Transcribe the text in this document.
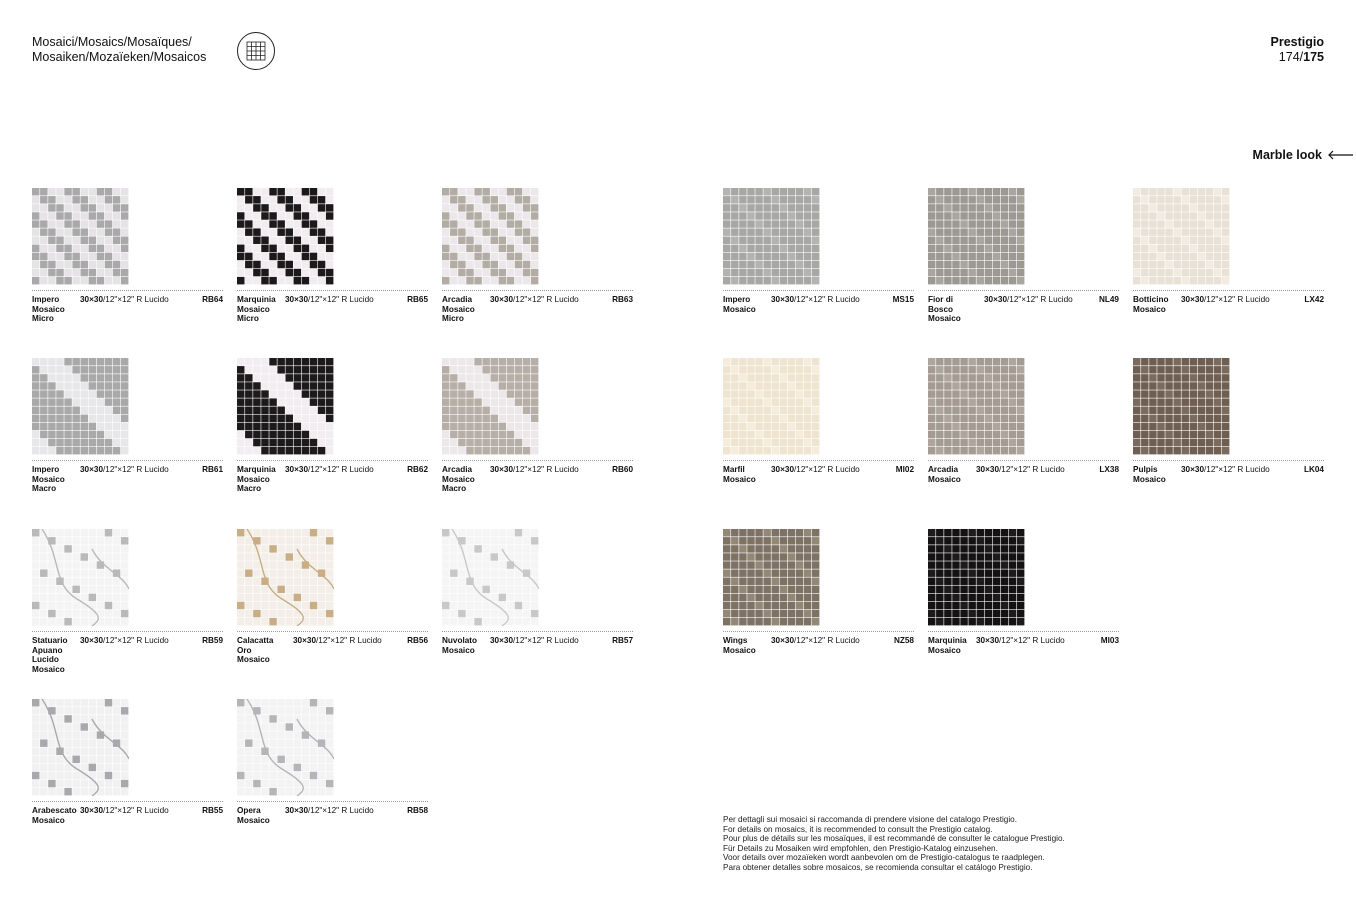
Mosaici/Mosaics/Mosaïques/
Mosaiken/Mozaïeken/Mosaicos
Prestigio
174/175
Marble look
Impero
Mosaico
Micro
30×30/12"×12" R Lucido	RB64 Marquinia
Mosaico
Micro
30×30/12"×12" R Lucido	RB65 Arcadia
Mosaico
Micro
30×30/12"×12" R Lucido	RB63	Impero
Mosaico
30×30/12"×12" R Lucido	MS15 Fior di Bosco
Mosaico
30×30/12"×12" R Lucido	NL49 Botticino
Mosaico
30×30/12"×12" R Lucido	LX42
Impero
Mosaico
Macro
30×30/12"×12" R Lucido	RB61 Marquinia
Mosaico
Macro
30×30/12"×12" R Lucido	RB62 Arcadia
Mosaico
Macro
30×30/12"×12" R Lucido	RB60	Marfil
Mosaico
30×30/12"×12" R Lucido	MI02 Arcadia
Mosaico
30×30/12"×12" R Lucido	LX38 Pulpis
Mosaico
30×30/12"×12" R Lucido	LK04
Statuario
Apuano
Lucido
Mosaico
30×30/12"×12" R Lucido	RB59 Calacatta Oro
Mosaico
30×30/12"×12" R Lucido	RB56 Nuvolato
Mosaico
30×30/12"×12" R Lucido	RB57	Wings
Mosaico
30×30/12"×12" R Lucido	NZ58 Marquinia
Mosaico
30×30/12"×12" R Lucido	MI03
Arabescato
Mosaico
30×30/12"×12" R Lucido	RB55 Opera
Mosaico
30×30/12"×12" R Lucido	RB58
Per dettagli sui mosaici si raccomanda di prendere visione del catalogo Prestigio.
For details on mosaics, it is recommended to consult the Prestigio catalog.
Pour plus de détails sur les mosaïques, il est recommandé de consulter le catalogue Prestigio.
Für Details zu Mosaiken wird empfohlen, den Prestigio-Katalog einzusehen.
Voor details over mozaïeken wordt aanbevolen om de Prestigio-catalogus te raadplegen.
Para obtener detalles sobre mosaicos, se recomienda consultar el catálogo Prestigio.
